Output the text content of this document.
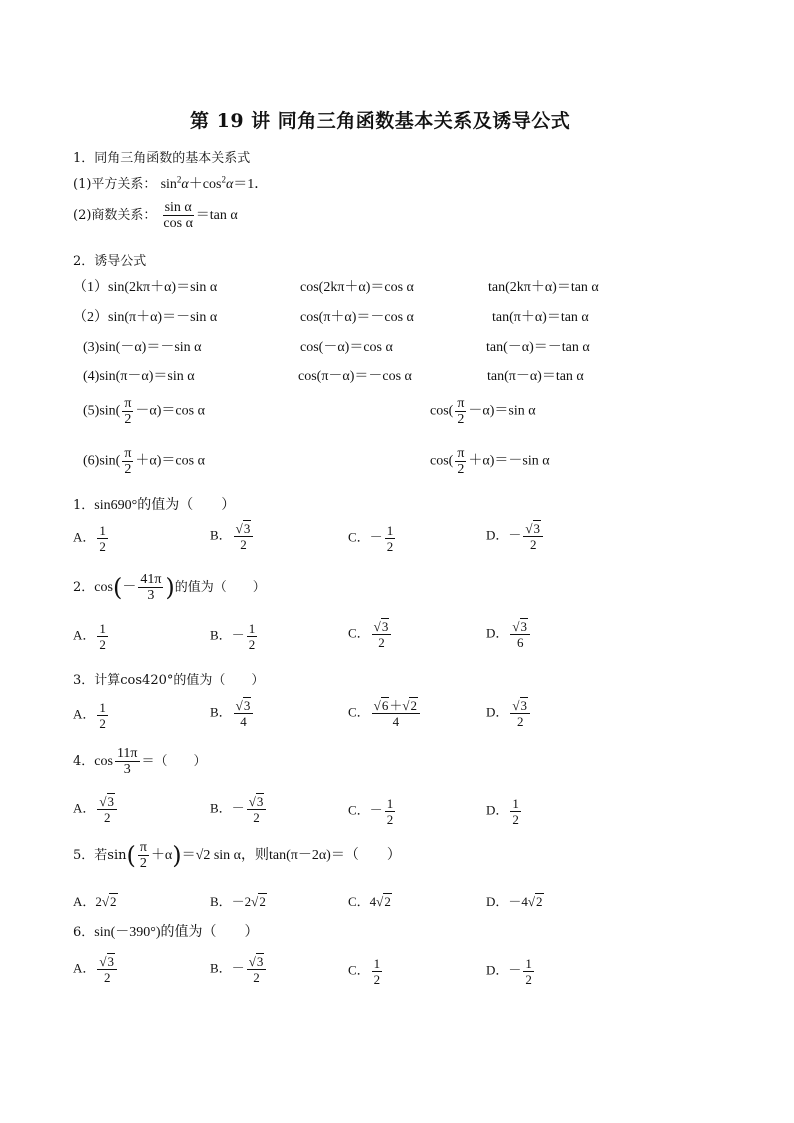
第 19 讲 同角三角函数基本关系及诱导公式
1．同角三角函数的基本关系式
(1)平方关系： $\sin^2\alpha+\cos^2\alpha=1$．
(2)商数关系： $\frac{\text{sin α}}{\text{cos α}} =\tan$ α
2．诱导公式
（1）sin(2kπ＋α)＝sin α	cos(2kπ＋α)＝cos α	tan(2kπ＋α)＝tan α
（2）sin(π＋α)＝－sin α	cos(π＋α)＝－cos α	tan(π＋α)＝tan α
(3)sin(－α)＝－sin α	cos(－α)＝cos α	tan(－α)＝－tan α
(4)sin(π－α)＝sin α	cos(π－α)＝－cos α	tan(π－α)＝tan α
$(5)\sin( \frac{\pi}{2} -\alpha)=\cos$ α	$\cos( \frac{\pi}{2} -\alpha)=\sin$ α
$(6)\sin( \frac{\pi}{2} +\alpha)=\cos$ α	$\cos( \frac{\pi}{2} +\alpha)=-\sin$ α
1．sin690°的值为（　　）
A． $\frac{1}{2}$	B． $\frac{√3}{2}$	C．－ $\frac{1}{2}$	D．－ $\frac{√3}{2}$
2．$\cos(- \frac{41\pi}{3}$ )的值为（　　）
A． $\frac{1}{2}$	B．－ $\frac{1}{2}$	C． $\frac{√3}{2}$	D． $\frac{√3}{6}$
3．计算cos420°的值为（　　）
A． $\frac{1}{2}$	B． $\frac{√3}{4}$	C． $\frac{√6+√2}{4}$	D． $\frac{√3}{2}$
4．$\cos \frac{11\pi}{3}$ ＝（　　）
A． $\frac{√3}{2}$	B．－ $\frac{√3}{2}$	C．－ $\frac{1}{2}$	D． $\frac{1}{2}$
5．若$\sin( \frac{\pi}{2} +\alpha)=√2$ sin α，则tan(π－2α)＝（　　）
A．2√2	B．－2√2	C．4√2	D．－4√2
6．sin(－390°)的值为（　　）
A． $\frac{√3}{2}$	B．－ $\frac{√3}{2}$	C． $\frac{1}{2}$	D．－ $\frac{1}{2}$
